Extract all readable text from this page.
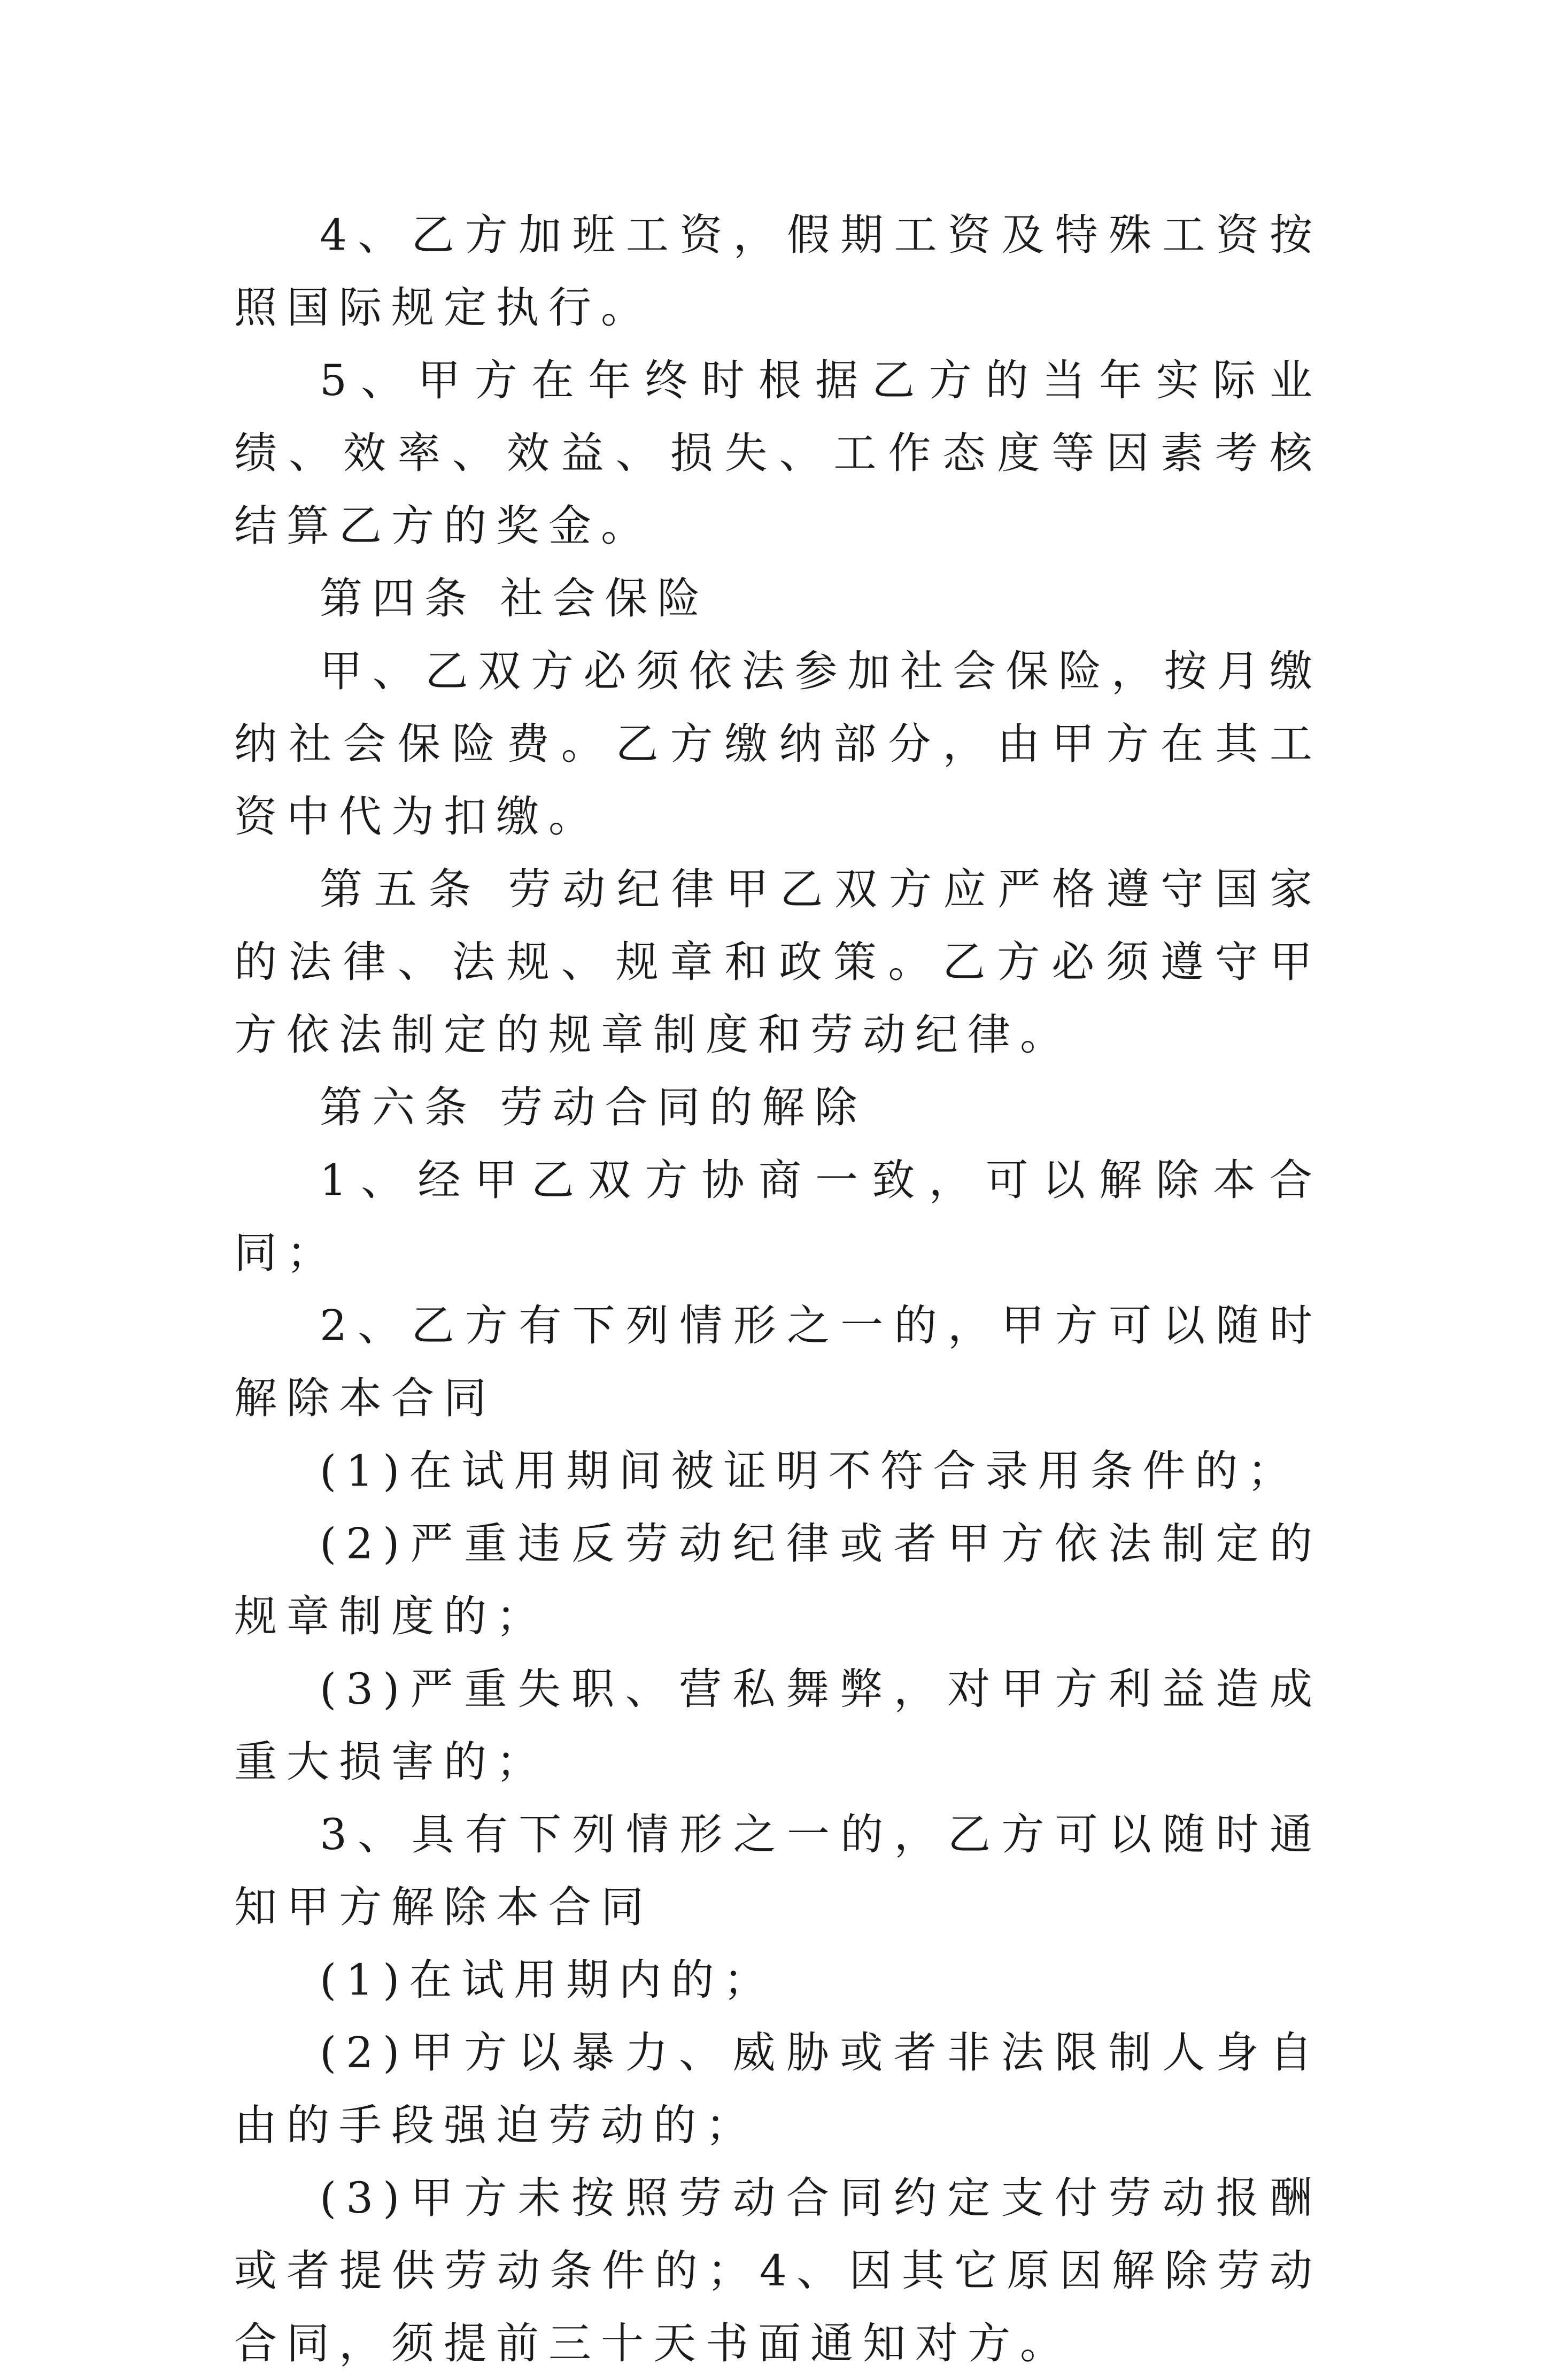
4、乙方加班工资，假期工资及特殊工资按照国际规定执行。

5、甲方在年终时根据乙方的当年实际业绩、效率、效益、损失、工作态度等因素考核结算乙方的奖金。

第四条 社会保险

甲、乙双方必须依法参加社会保险，按月缴纳社会保险费。乙方缴纳部分，由甲方在其工资中代为扣缴。

第五条 劳动纪律甲乙双方应严格遵守国家的法律、法规、规章和政策。乙方必须遵守甲方依法制定的规章制度和劳动纪律。

第六条 劳动合同的解除

1、经甲乙双方协商一致，可以解除本合同；

2、乙方有下列情形之一的，甲方可以随时解除本合同

(1)在试用期间被证明不符合录用条件的；

(2)严重违反劳动纪律或者甲方依法制定的规章制度的；

(3)严重失职、营私舞弊，对甲方利益造成重大损害的；

3、具有下列情形之一的，乙方可以随时通知甲方解除本合同

(1)在试用期内的；

(2)甲方以暴力、威胁或者非法限制人身自由的手段强迫劳动的；

(3)甲方未按照劳动合同约定支付劳动报酬或者提供劳动条件的；4、因其它原因解除劳动合同，须提前三十天书面通知对方。
